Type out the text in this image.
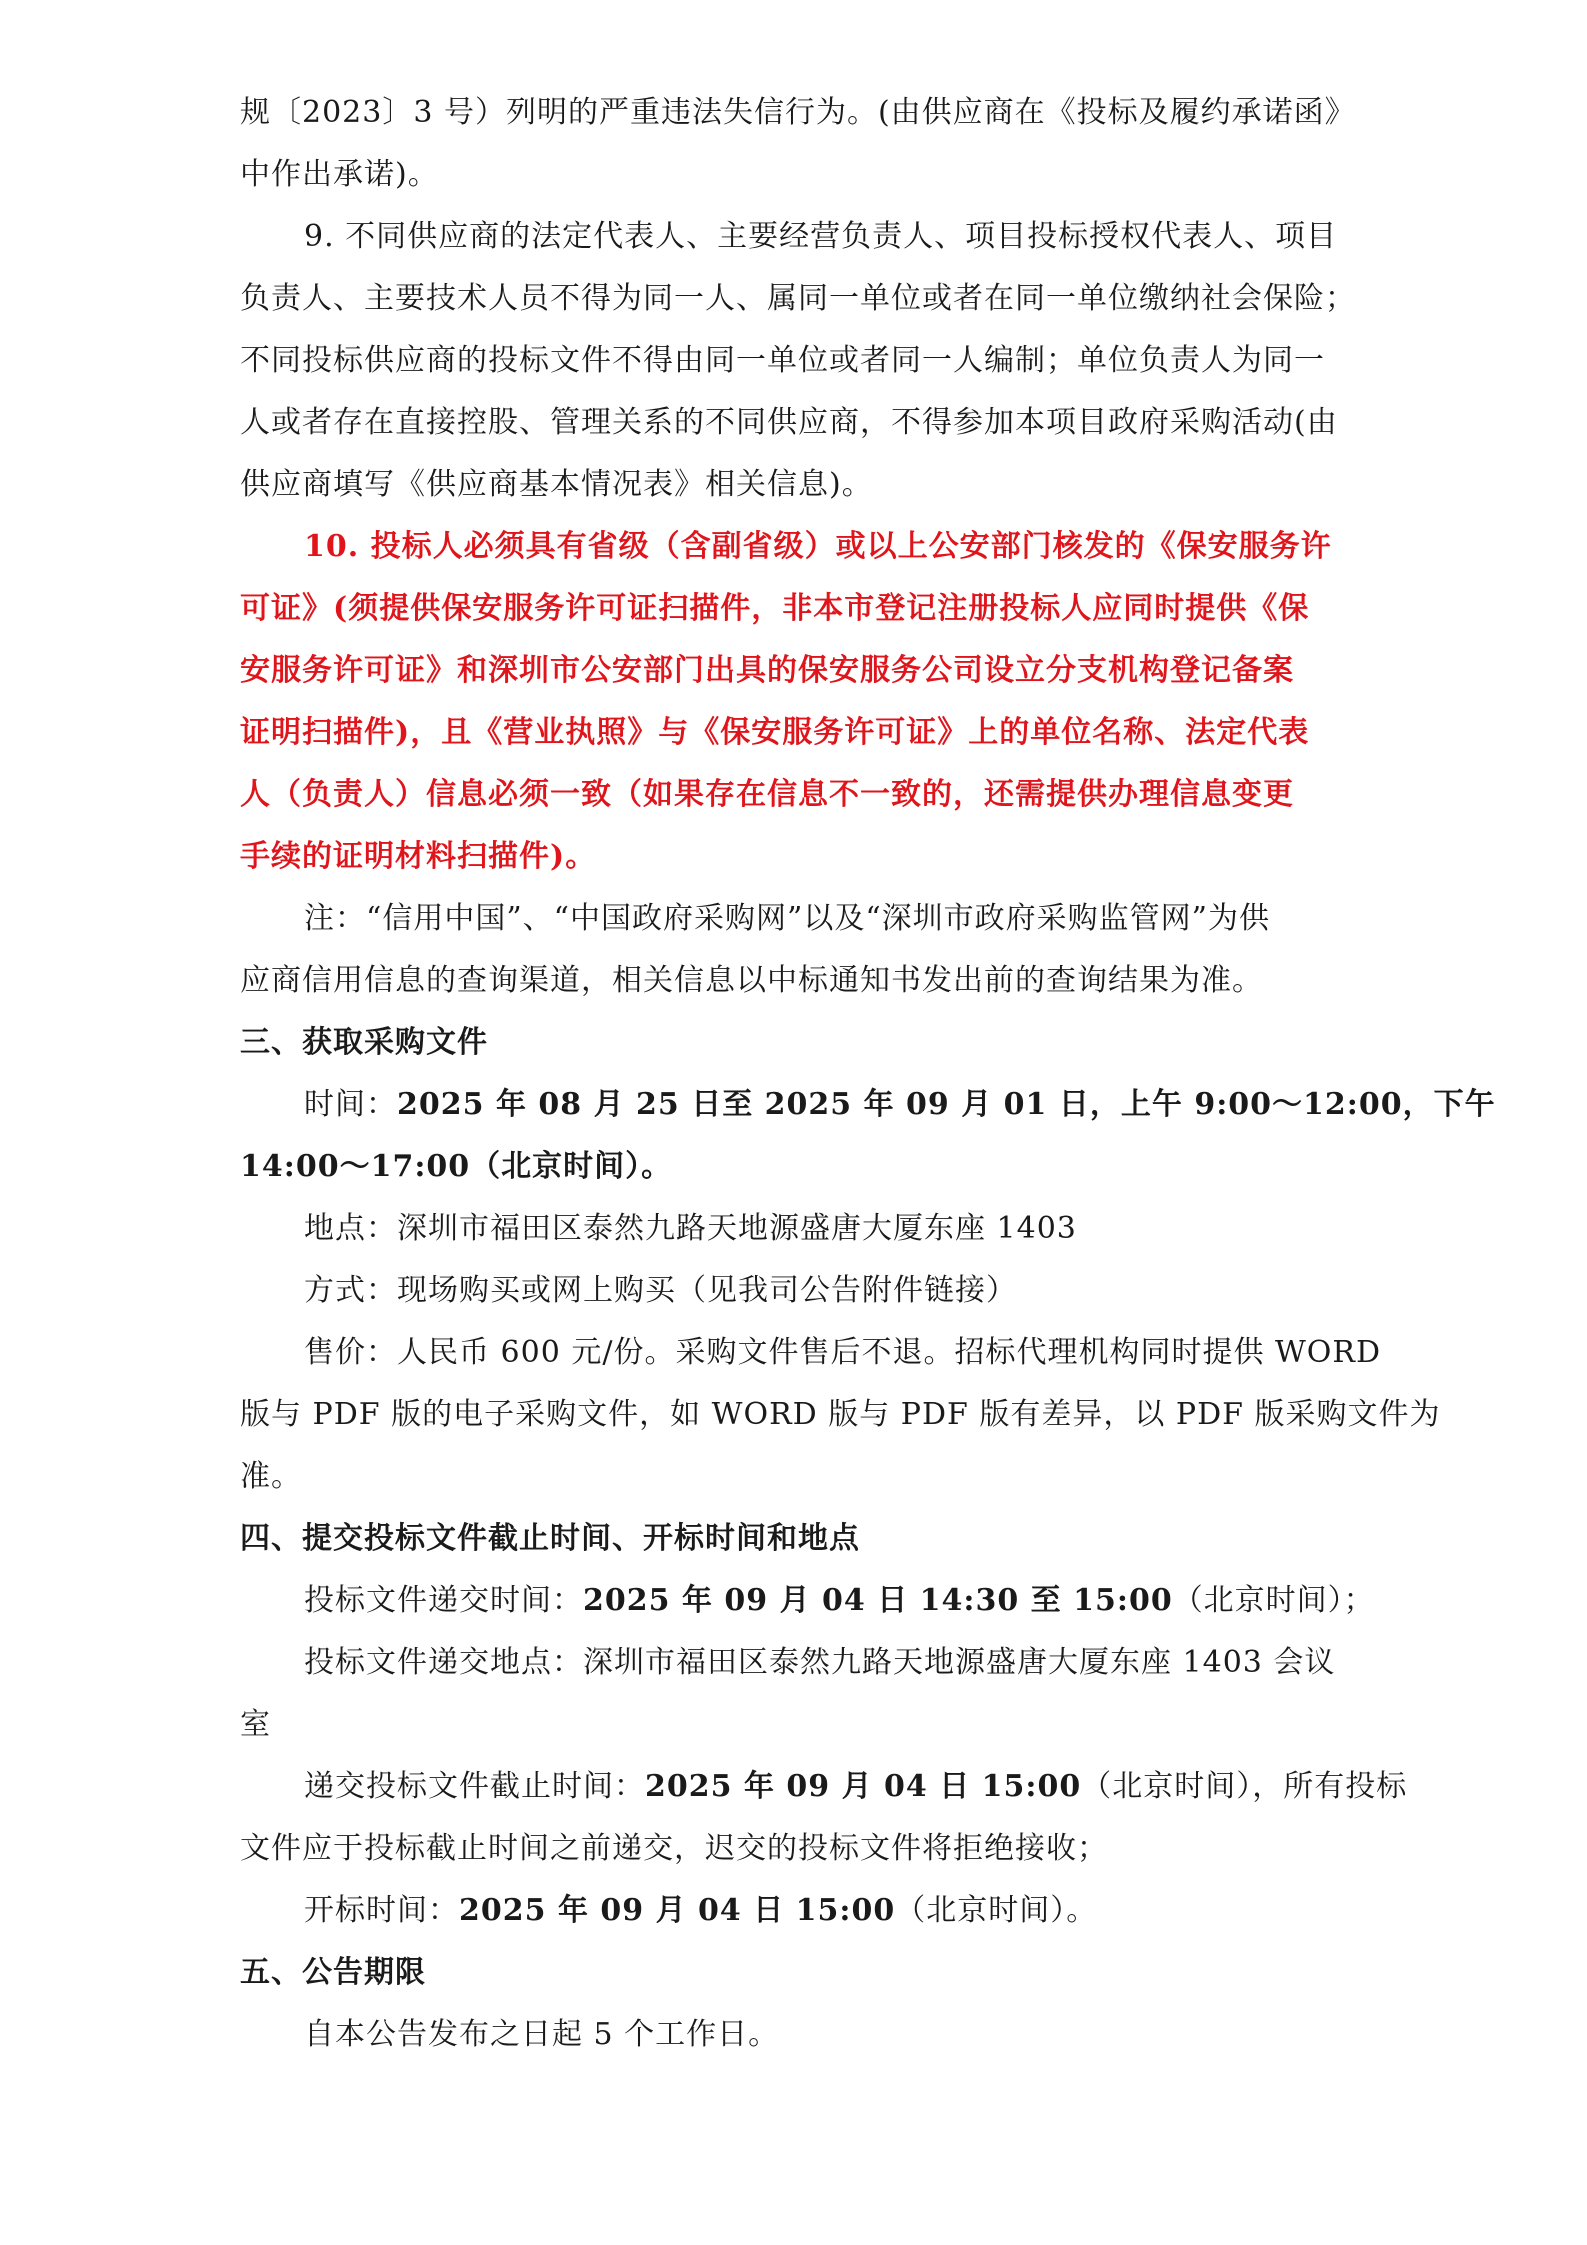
规〔2023〕3 号）列明的严重违法失信行为。(由供应商在《投标及履约承诺函》
中作出承诺)。
9. 不同供应商的法定代表人、主要经营负责人、项目投标授权代表人、项目
负责人、主要技术人员不得为同一人、属同一单位或者在同一单位缴纳社会保险；
不同投标供应商的投标文件不得由同一单位或者同一人编制；单位负责人为同一
人或者存在直接控股、管理关系的不同供应商，不得参加本项目政府采购活动(由
供应商填写《供应商基本情况表》相关信息)。
10. 投标人必须具有省级（含副省级）或以上公安部门核发的《保安服务许
可证》(须提供保安服务许可证扫描件，非本市登记注册投标人应同时提供《保
安服务许可证》和深圳市公安部门出具的保安服务公司设立分支机构登记备案
证明扫描件)，且《营业执照》与《保安服务许可证》上的单位名称、法定代表
人（负责人）信息必须一致（如果存在信息不一致的，还需提供办理信息变更
手续的证明材料扫描件)。
注：“信用中国”、“中国政府采购网”以及“深圳市政府采购监管网”为供
应商信用信息的查询渠道，相关信息以中标通知书发出前的查询结果为准。
三、获取采购文件
时间：2025 年 08 月 25 日至 2025 年 09 月 01 日，上午 9:00～12:00，下午
14:00～17:00（北京时间）。
地点：深圳市福田区泰然九路天地源盛唐大厦东座 1403
方式：现场购买或网上购买（见我司公告附件链接）
售价：人民币 600 元/份。采购文件售后不退。招标代理机构同时提供 WORD
版与 PDF 版的电子采购文件，如 WORD 版与 PDF 版有差异，以 PDF 版采购文件为
准。
四、提交投标文件截止时间、开标时间和地点
投标文件递交时间：2025 年 09 月 04 日 14:30 至 15:00（北京时间）；
投标文件递交地点：深圳市福田区泰然九路天地源盛唐大厦东座 1403 会议
室
递交投标文件截止时间：2025 年 09 月 04 日 15:00（北京时间），所有投标
文件应于投标截止时间之前递交，迟交的投标文件将拒绝接收；
开标时间：2025 年 09 月 04 日 15:00（北京时间）。
五、公告期限
自本公告发布之日起 5 个工作日。
